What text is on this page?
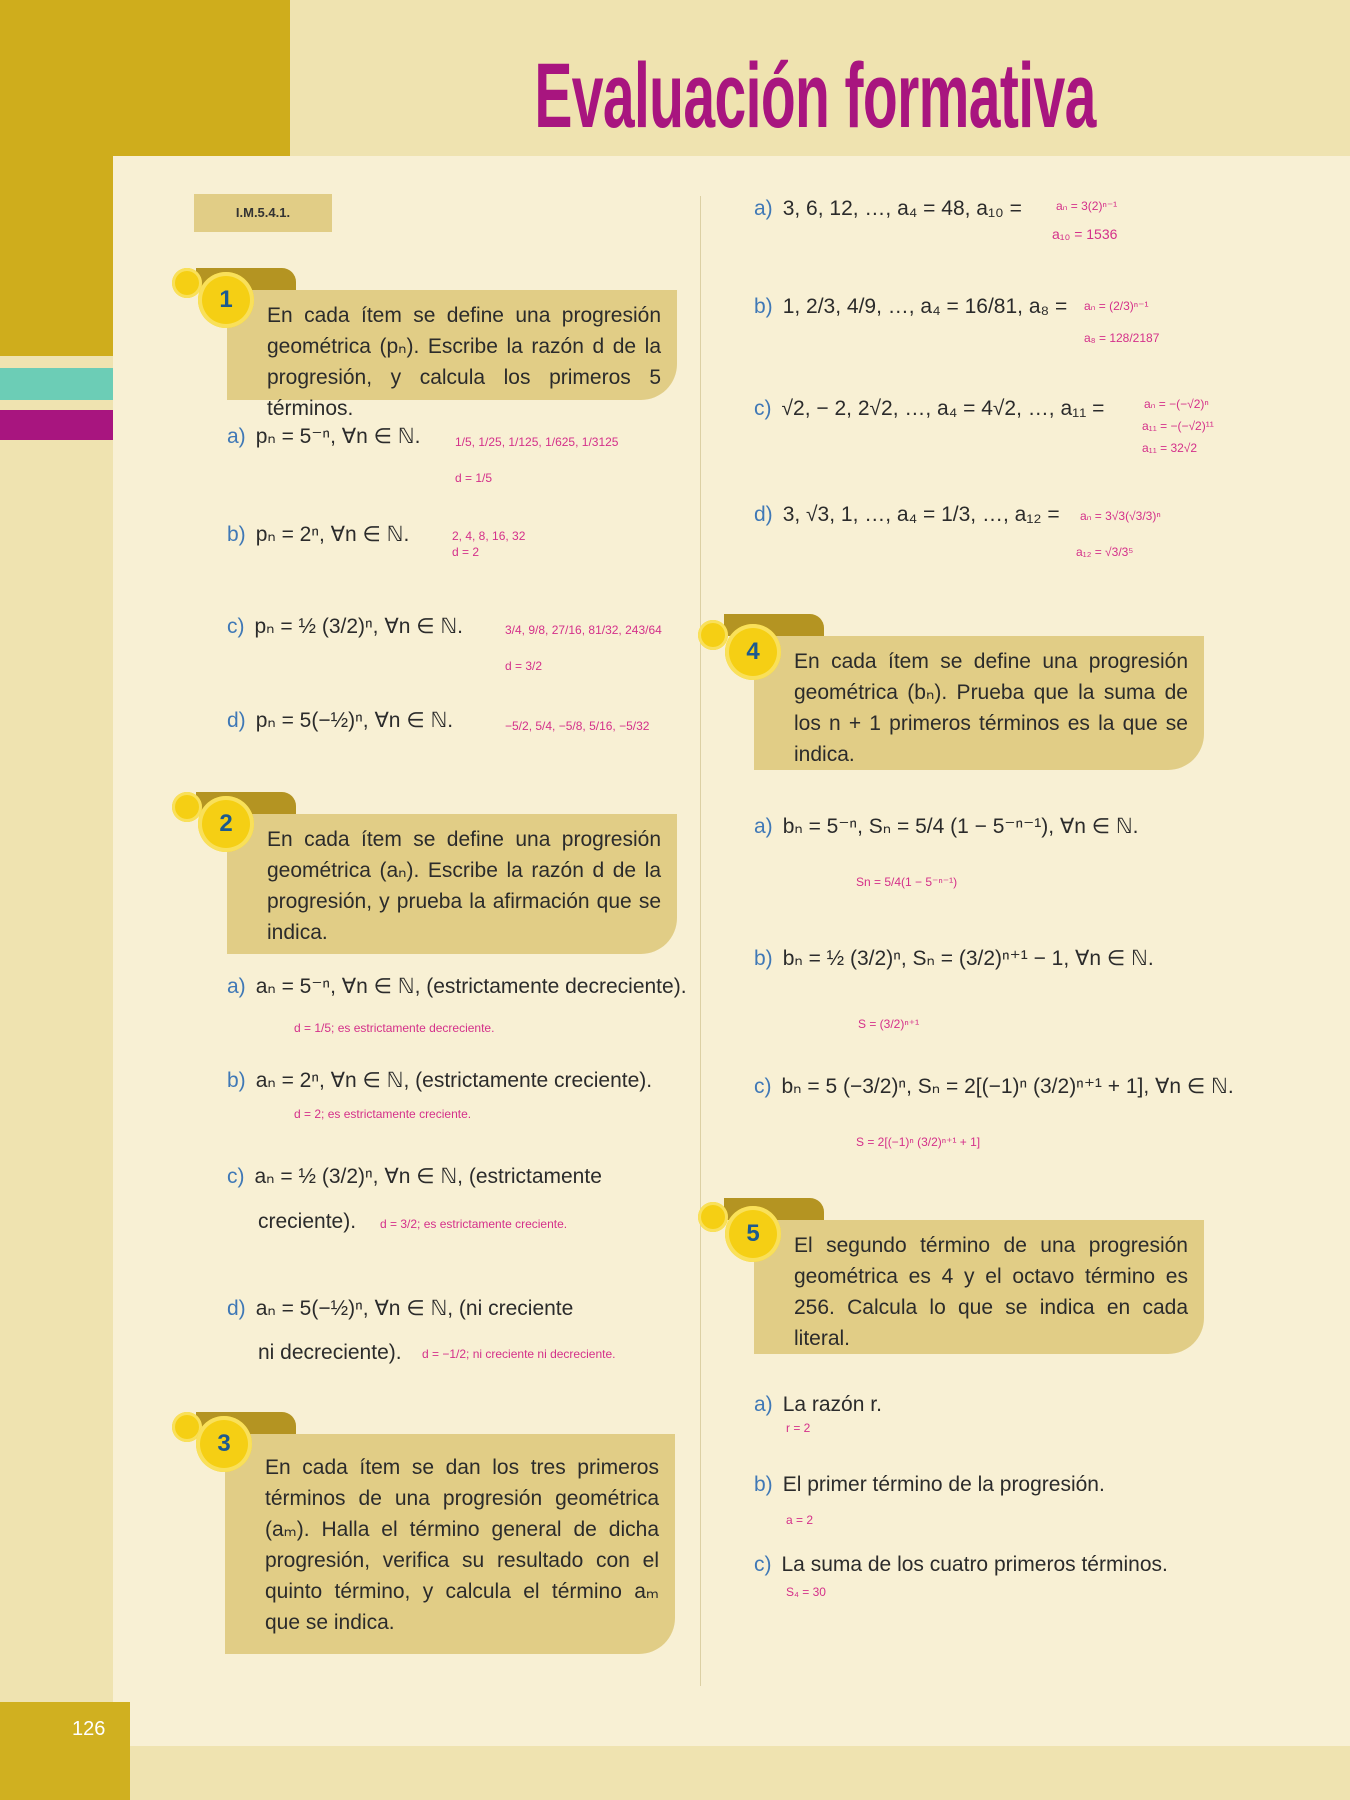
Evaluación formativa
I.M.5.4.1.
En cada ítem se define una progresión geométrica (pₙ). Escribe la razón d de la progresión, y calcula los primeros 5 términos.
1
a) pₙ = 5⁻ⁿ, ∀n ∈ ℕ.	1/5, 1/25, 1/125, 1/625, 1/3125
d = 1/5
b) pₙ = 2ⁿ, ∀n ∈ ℕ.	2, 4, 8, 16, 32
d = 2
c) pₙ = ½ (3/2)ⁿ, ∀n ∈ ℕ.	3/4, 9/8, 27/16, 81/32, 243/64
d = 3/2
d) pₙ = 5(−½)ⁿ, ∀n ∈ ℕ.	−5/2, 5/4, −5/8, 5/16, −5/32
En cada ítem se define una progresión geométrica (aₙ). Escribe la razón d de la progresión, y prueba la afirmación que se indica.
2
a) aₙ = 5⁻ⁿ, ∀n ∈ ℕ, (estrictamente decreciente).
d = 1/5; es estrictamente decreciente.
b) aₙ = 2ⁿ, ∀n ∈ ℕ, (estrictamente creciente).
d = 2; es estrictamente creciente.
c) aₙ = ½ (3/2)ⁿ, ∀n ∈ ℕ, (estrictamente
creciente). d = 3/2; es estrictamente creciente.
d) aₙ = 5(−½)ⁿ, ∀n ∈ ℕ, (ni creciente
ni decreciente). d = −1/2; ni creciente ni decreciente.
En cada ítem se dan los tres primeros términos de una progresión geométrica (aₘ). Halla el término general de dicha progresión, verifica su resultado con el quinto término, y calcula el término aₘ que se indica.
3
a) 3, 6, 12, …, a₄ = 48, a₁₀ =	aₙ = 3(2)ⁿ⁻¹
a₁₀ = 1536
b) 1, 2/3, 4/9, …, a₄ = 16/81, a₈ = aₙ = (2/3)ⁿ⁻¹
a₈ = 128/2187
c) √2, − 2, 2√2, …, a₄ = 4√2, …, a₁₁ =	aₙ = −(−√2)ⁿ
a₁₁ = −(−√2)¹¹
a₁₁ = 32√2
d) 3, √3, 1, …, a₄ = 1/3, …, a₁₂ = aₙ = 3√3(√3/3)ⁿ
a₁₂ = √3/3⁵
En cada ítem se define una progresión geométrica (bₙ). Prueba que la suma de los n + 1 primeros términos es la que se indica.
4
a) bₙ = 5⁻ⁿ, Sₙ = 5/4 (1 − 5⁻ⁿ⁻¹), ∀n ∈ ℕ.
Sn = 5/4(1 − 5⁻ⁿ⁻¹)
b) bₙ = ½ (3/2)ⁿ, Sₙ = (3/2)ⁿ⁺¹ − 1, ∀n ∈ ℕ.
S = (3/2)ⁿ⁺¹
c) bₙ = 5 (−3/2)ⁿ, Sₙ = 2[(−1)ⁿ (3/2)ⁿ⁺¹ + 1], ∀n ∈ ℕ.
S = 2[(−1)ⁿ (3/2)ⁿ⁺¹ + 1]
El segundo término de una progresión geométrica es 4 y el octavo término es 256. Calcula lo que se indica en cada literal.
5
a) La razón r.
r = 2
b) El primer término de la progresión.
a = 2
c) La suma de los cuatro primeros términos.
S₄ = 30
126
